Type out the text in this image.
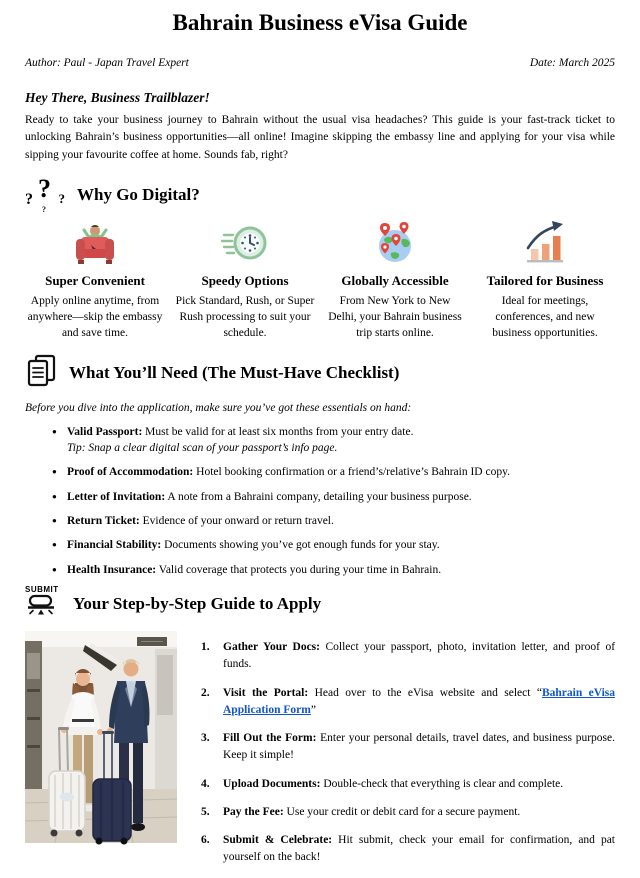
Bahrain Business eVisa Guide
Author: Paul - Japan Travel Expert	Date: March 2025
Hey There, Business Trailblazer!

Ready to take your business journey to Bahrain without the usual visa headaches? This guide is your fast-track ticket to unlocking Bahrain’s business opportunities—all online! Imagine skipping the embassy line and applying for your visa while sipping your favourite coffee at home. Sounds fab, right?

? ? ?
?
Why Go Digital?
Super Convenient
Apply online anytime, from anywhere—skip the embassy and save time.
Speedy Options
Pick Standard, Rush, or Super Rush processing to suit your schedule.
Globally Accessible
From New York to New Delhi, your Bahrain business trip starts online.
Tailored for Business
Ideal for meetings, conferences, and new business opportunities.
What You’ll Need (The Must-Have Checklist)

Before you dive into the application, make sure you’ve got these essentials on hand:

● Valid Passport: Must be valid for at least six months from your entry date.
Tip: Snap a clear digital scan of your passport’s info page.
● Proof of Accommodation: Hotel booking confirmation or a friend’s/relative’s Bahrain ID copy.
● Letter of Invitation: A note from a Bahraini company, detailing your business purpose.
● Return Ticket: Evidence of your onward or return travel.
● Financial Stability: Documents showing you’ve got enough funds for your stay.
● Health Insurance: Valid coverage that protects you during your time in Bahrain.
SUBMIT
Your Step-by-Step Guide to Apply
1. Gather Your Docs: Collect your passport, photo, invitation letter, and proof of funds.
2. Visit the Portal: Head over to the eVisa website and select “Bahrain eVisa Application Form”
3. Fill Out the Form: Enter your personal details, travel dates, and business purpose. Keep it simple!
4. Upload Documents: Double-check that everything is clear and complete.
5. Pay the Fee: Use your credit or debit card for a secure payment.
6. Submit & Celebrate: Hit submit, check your email for confirmation, and pat yourself on the back!
